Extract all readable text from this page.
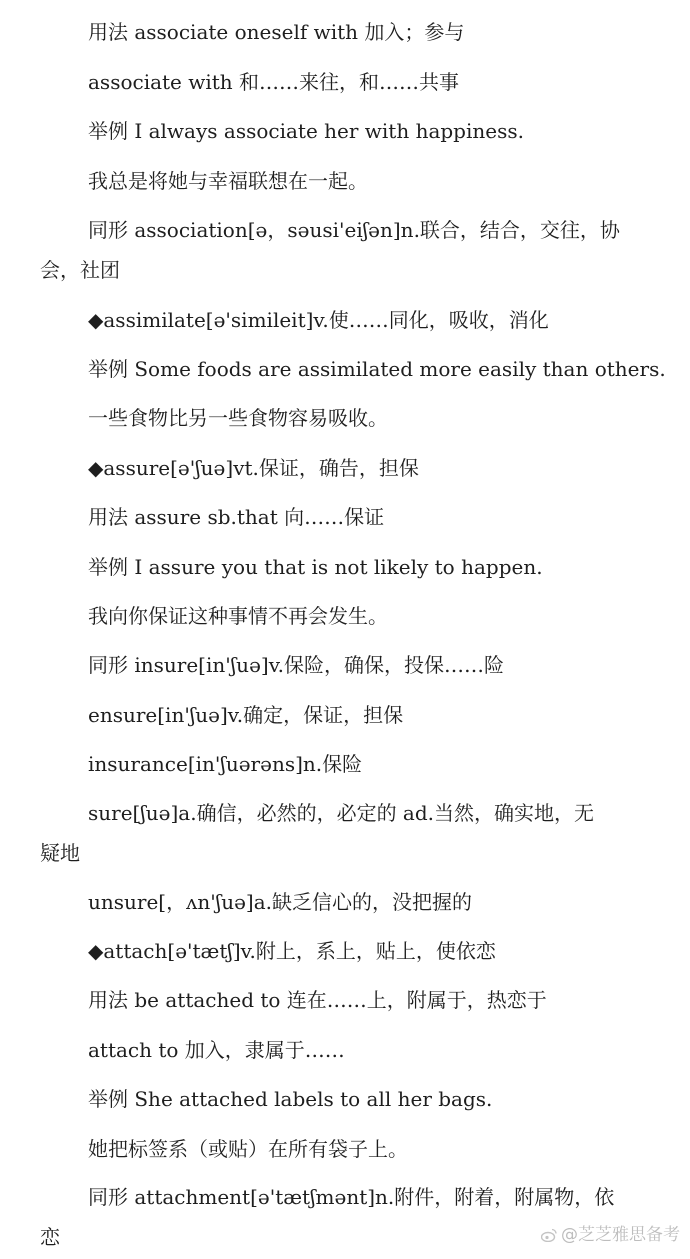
用法 associate oneself with 加入；参与
associate with 和……来往，和……共事
举例 I always associate her with happiness.
我总是将她与幸福联想在一起。
同形 association[ə，səusi'eiʃən]n.联合，结合，交往，协
会，社团
◆assimilate[ə'simileit]v.使……同化，吸收，消化
举例 Some foods are assimilated more easily than others.
一些食物比另一些食物容易吸收。
◆assure[ə'ʃuə]vt.保证，确告，担保
用法 assure sb.that 向……保证
举例 I assure you that is not likely to happen.
我向你保证这种事情不再会发生。
同形 insure[in'ʃuə]v.保险，确保，投保……险
ensure[in'ʃuə]v.确定，保证，担保
insurance[in'ʃuərəns]n.保险
sure[ʃuə]a.确信，必然的，必定的 ad.当然，确实地，无
疑地
unsure[，ʌn'ʃuə]a.缺乏信心的，没把握的
◆attach[ə'tætʃ]v.附上，系上，贴上，使依恋
用法 be attached to 连在……上，附属于，热恋于
attach to 加入，隶属于……
举例 She attached labels to all her bags.
她把标签系（或贴）在所有袋子上。
同形 attachment[ə'tætʃmənt]n.附件，附着，附属物，依
恋	@芝芝雅思备考
